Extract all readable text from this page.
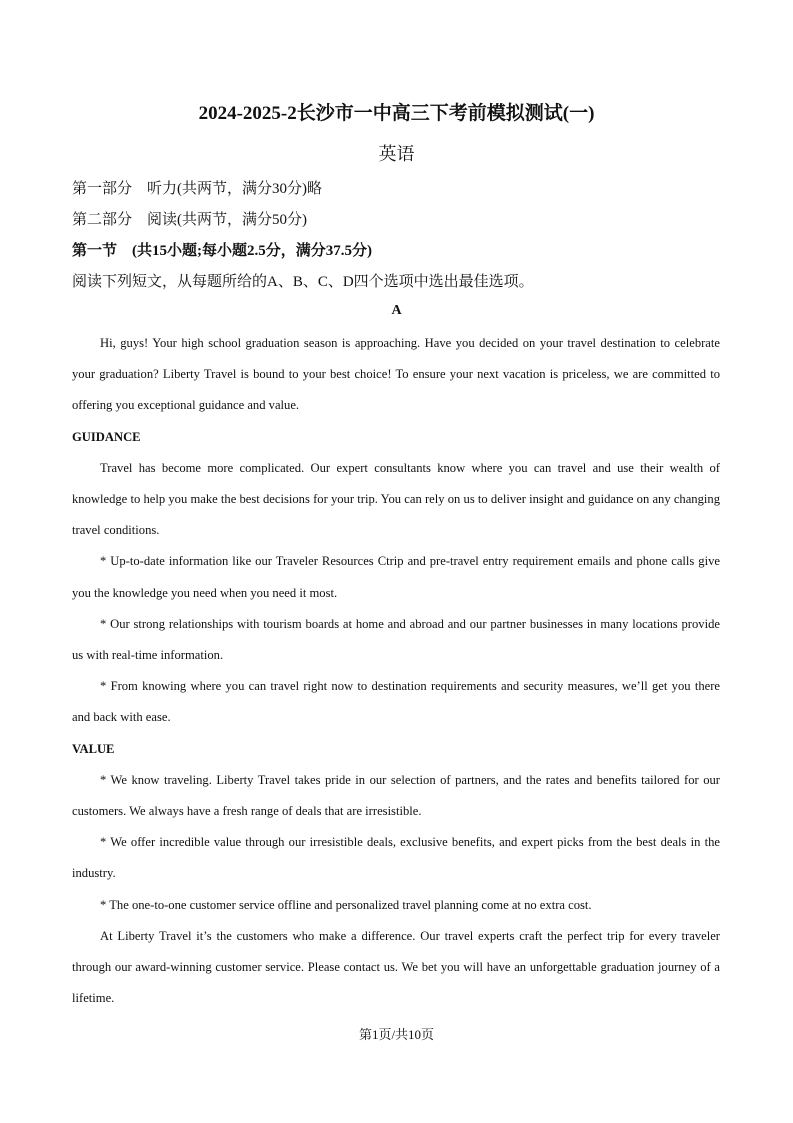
2024-2025-2长沙市一中高三下考前模拟测试(一)
英语
第一部分　听力(共两节，满分30分)略
第二部分　阅读(共两节，满分50分)
第一节　(共15小题;每小题2.5分，满分37.5分)
阅读下列短文，从每题所给的A、B、C、D四个选项中选出最佳选项。
A

Hi, guys! Your high school graduation season is approaching. Have you decided on your travel destination to celebrate your graduation? Liberty Travel is bound to your best choice! To ensure your next vacation is priceless, we are committed to offering you exceptional guidance and value.

GUIDANCE

Travel has become more complicated. Our expert consultants know where you can travel and use their wealth of knowledge to help you make the best decisions for your trip. You can rely on us to deliver insight and guidance on any changing travel conditions.

* Up-to-date information like our Traveler Resources Ctrip and pre-travel entry requirement emails and phone calls give you the knowledge you need when you need it most.

* Our strong relationships with tourism boards at home and abroad and our partner businesses in many locations provide us with real-time information.

* From knowing where you can travel right now to destination requirements and security measures, we’ll get you there and back with ease.

VALUE

* We know traveling. Liberty Travel takes pride in our selection of partners, and the rates and benefits tailored for our customers. We always have a fresh range of deals that are irresistible.

* We offer incredible value through our irresistible deals, exclusive benefits, and expert picks from the best deals in the industry.

* The one-to-one customer service offline and personalized travel planning come at no extra cost.

At Liberty Travel it’s the customers who make a difference. Our travel experts craft the perfect trip for every traveler through our award-winning customer service. Please contact us. We bet you will have an unforgettable graduation journey of a lifetime.

第1页/共10页
